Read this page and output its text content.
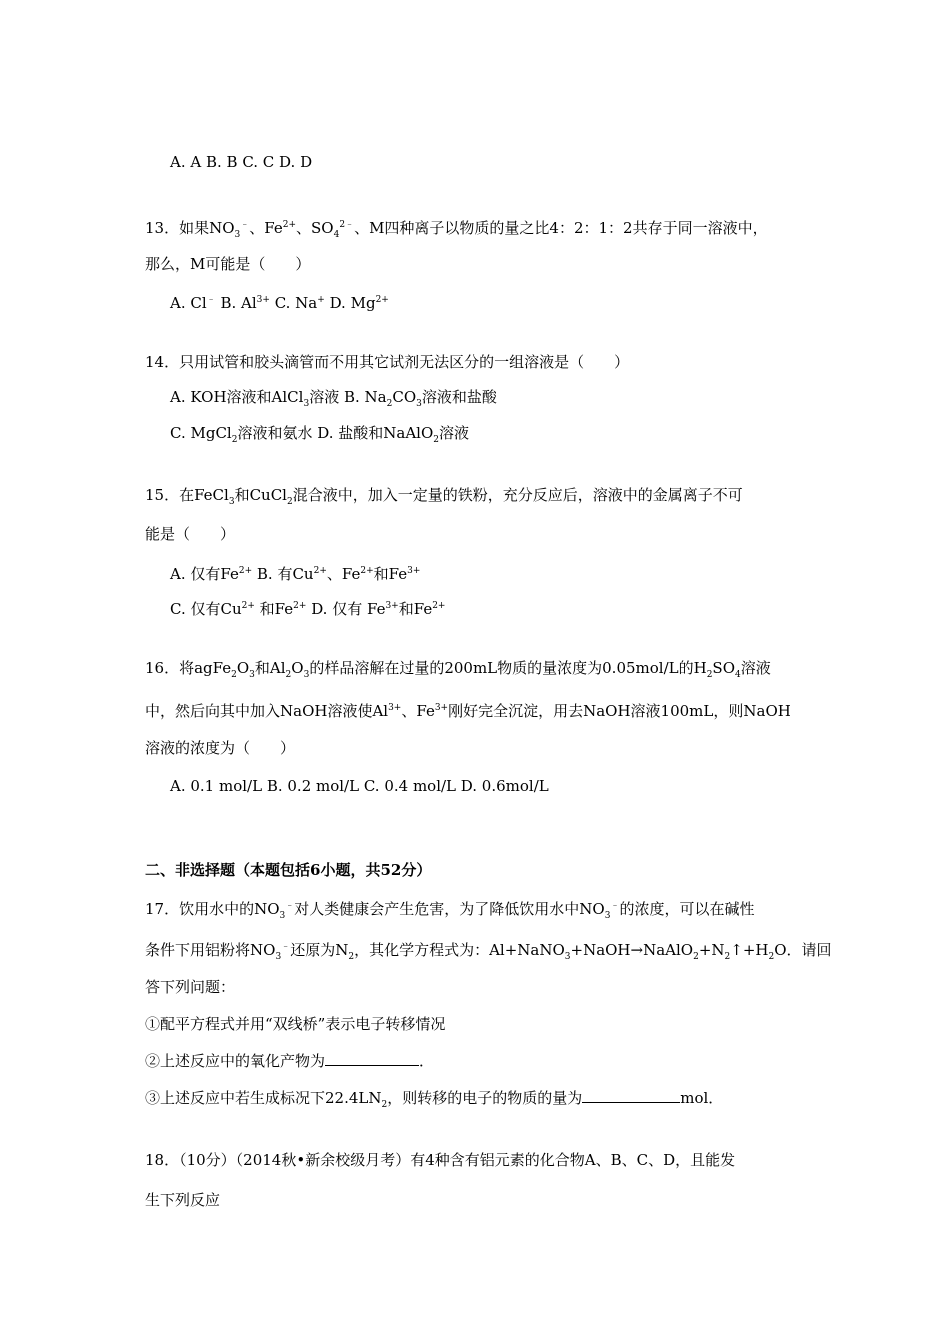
A. A B. B C. C D. D
13．如果$NO_3^﹣$、$Fe^{2+}$、$SO_4^{2﹣}$、M四种离子以物质的量之比4：2：1：2共存于同一溶液中，
那么，M可能是（　　）
A. Cl﹣ B. $Al^{3+}$ C. Na+ D. $Mg^{2+}$
14．只用试管和胶头滴管而不用其它试剂无法区分的一组溶液是（　　）
A. KOH溶液和AlCl$_3$溶液 B. $Na_2CO_3$溶液和盐酸
C. MgCl$_2$溶液和氨水 D. 盐酸和NaAlO$_2$溶液
15．在FeCl$_3$和CuCl$_2$混合液中，加入一定量的铁粉，充分反应后，溶液中的金属离子不可
能是（　　）
A. 仅有$Fe^{2+}$ B. 有$Cu^{2+}$、$Fe^{2+}$和$Fe^{3+}$
C. 仅有$Cu^{2+}$ 和$Fe^{2+}$ D. 仅有 $Fe^{3+}$和$Fe^{2+}$
16．将$agFe_2O_3$和$Al_2O_3$的样品溶解在过量的200mL物质的量浓度为0.05mol/L的$H_2SO_4$溶液
中，然后向其中加入NaOH溶液使$Al^{3+}$、$Fe^{3+}$刚好完全沉淀，用去NaOH溶液100mL，则NaOH
溶液的浓度为（　　）
A. 0.1 mol/L B. 0.2 mol/L C. 0.4 mol/L D. 0.6mol/L
二、非选择题（本题包括6小题，共52分）
17．饮用水中的$NO_3^﹣$对人类健康会产生危害，为了降低饮用水中$NO_3^﹣$的浓度，可以在碱性
条件下用铝粉将$NO_3^﹣$还原为$N_2$，其化学方程式为：$Al+NaNO_3+NaOH\to NaAlO_2+N_2↑+H_2O$．请回
答下列问题：
①配平方程式并用“双线桥”表示电子转移情况
②上述反应中的氧化产物为	．
③上述反应中若生成标况下$22.4LN_2$，则转移的电子的物质的量为	mol．
18．（10分）（2014秋•新余校级月考）有4种含有铝元素的化合物A、B、C、D，且能发
生下列反应
